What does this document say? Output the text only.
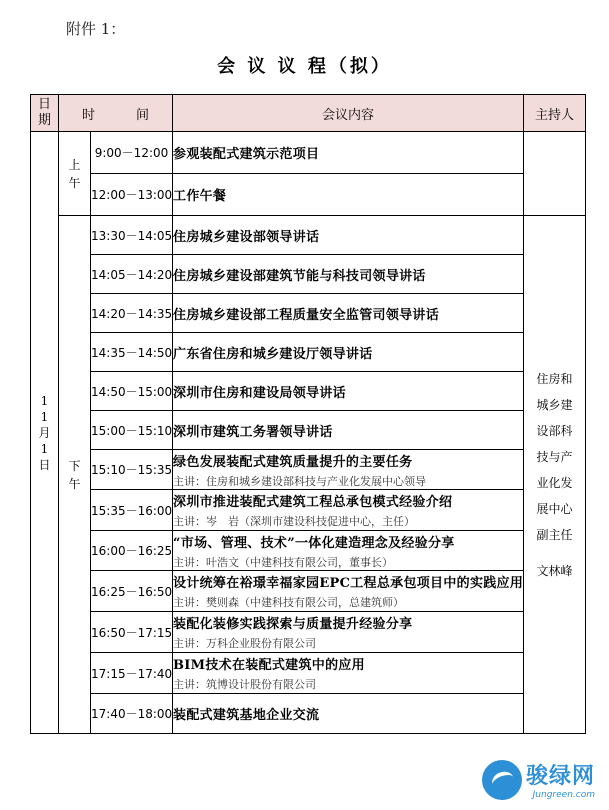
附件 1：
会 议 议 程（拟）
日期	时　间		会议内容	主持人
11月1日	上午	9:00－12:00	参观装配式建筑示范项目	

		12:00－13:00	工作午餐	

	下午	13:30－14:05	住房城乡建设部领导讲话	住房和城乡建设部科技与产业化发展中心副主任
文林峰
		14:05－14:20	住房城乡建设部建筑节能与科技司领导讲话	

		14:20－14:35	住房城乡建设部工程质量安全监管司领导讲话	

		14:35－14:50	广东省住房和城乡建设厅领导讲话	

		14:50－15:00	深圳市住房和建设局领导讲话	

		15:00－15:10	深圳市建筑工务署领导讲话	

		15:10－15:35	绿色发展装配式建筑质量提升的主要任务
主讲：住房和城乡建设部科技与产业化发展中心领导	

		15:35－16:00	深圳市推进装配式建筑工程总承包模式经验介绍
主讲：岑　岩（深圳市建设科技促进中心，主任）	

		16:00－16:25	“市场、管理、技术”一体化建造理念及经验分享
主讲：叶浩文（中建科技有限公司，董事长）	

		16:25－16:50	设计统筹在裕璟幸福家园EPC工程总承包项目中的实践应用
主讲：樊则森（中建科技有限公司，总建筑师）	

		16:50－17:15	装配化装修实践探索与质量提升经验分享
主讲：万科企业股份有限公司	

		17:15－17:40	BIM技术在装配式建筑中的应用
主讲：筑博设计股份有限公司	

		17:40－18:00	装配式建筑基地企业交流	
骏绿网
Jungreen.com
